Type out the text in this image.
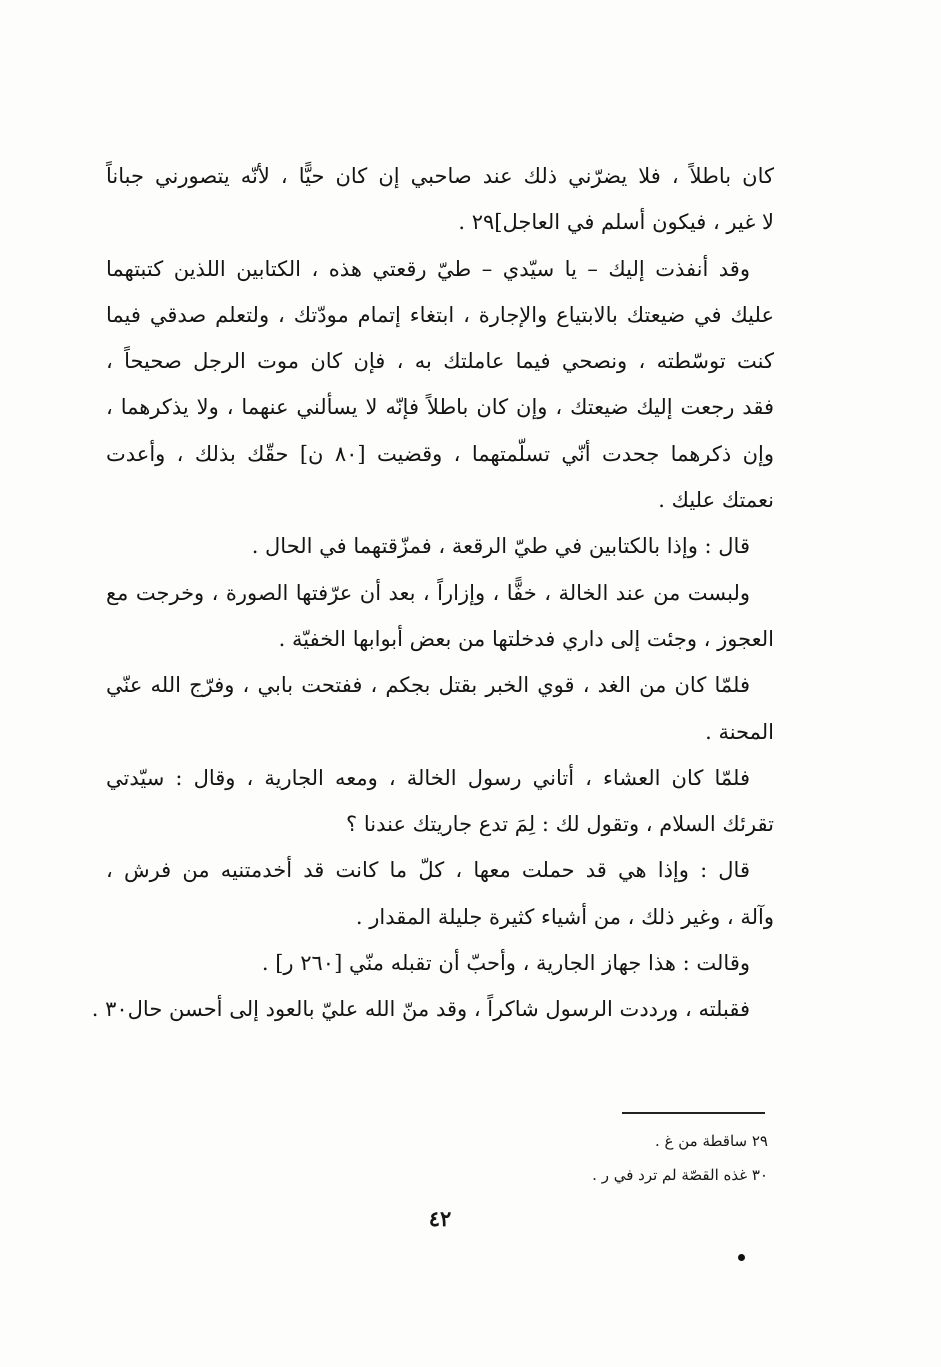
كان باطلاً ، فلا يضرّني ذلك عند صاحبي إن كان حيًّا ، لأنّه يتصورني جباناً
لا غير ، فيكون أسلم في العاجل]٢٩ .
وقد أنفذت إليك – يا سيّدي – طيّ رقعتي هذه ، الكتابين اللذين كتبتهما
عليك في ضيعتك بالابتياع والإجارة ، ابتغاء إتمام مودّتك ، ولتعلم صدقي فيما
كنت توسّطته ، ونصحي فيما عاملتك به ، فإن كان موت الرجل صحيحاً ،
فقد رجعت إليك ضيعتك ، وإن كان باطلاً فإنّه لا يسألني عنهما ، ولا يذكرهما ،
وإن ذكرهما جحدت أنّي تسلّمتهما ، وقضيت [٨٠ ن] حقّك بذلك ، وأعدت
نعمتك عليك .
قال : وإذا بالكتابين في طيّ الرقعة ، فمزّقتهما في الحال .
ولبست من عند الخالة ، خفًّا ، وإزاراً ، بعد أن عرّفتها الصورة ، وخرجت مع
العجوز ، وجئت إلى داري فدخلتها من بعض أبوابها الخفيّة .
فلمّا كان من الغد ، قوي الخبر بقتل بجكم ، ففتحت بابي ، وفرّج الله عنّي
المحنة .
فلمّا كان العشاء ، أتاني رسول الخالة ، ومعه الجارية ، وقال : سيّدتي
تقرئك السلام ، وتقول لك : لِمَ تدع جاريتك عندنا ؟
قال : وإذا هي قد حملت معها ، كلّ ما كانت قد أخدمتنيه من فرش ،
وآلة ، وغير ذلك ، من أشياء كثيرة جليلة المقدار .
وقالت : هذا جهاز الجارية ، وأحبّ أن تقبله منّي [٢٦٠ ر] .
فقبلته ، ورددت الرسول شاكراً ، وقد منّ الله عليّ بالعود إلى أحسن حال٣٠ .
٢٩ ساقطة من غ .
٣٠ غذه القصّة لم ترد في ر .
٤٢
